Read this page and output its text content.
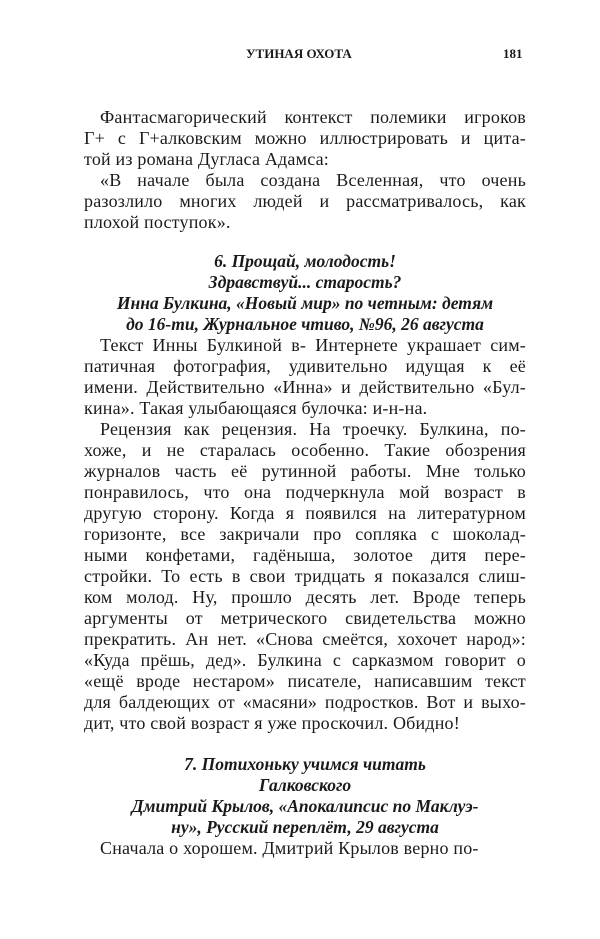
УТИНАЯ ОХОТА	181
Фантасмагорический контекст полемики игроков
Г+ с Г+алковским можно иллюстрировать и цита-
той из романа Дугласа Адамса:
«В начале была создана Вселенная, что очень
разозлило многих людей и рассматривалось, как
плохой поступок».
6. Прощай, молодость!
Здравствуй... старость?
Инна Булкина, «Новый мир» по четным: детям
до 16-ти, Журнальное чтиво, №96, 26 августа
Текст Инны Булкиной в- Интернете украшает сим-
патичная фотография, удивительно идущая к её
имени. Действительно «Инна» и действительно «Бул-
кина». Такая улыбающаяся булочка: и-н-на.
Рецензия как рецензия. На троечку. Булкина, по-
хоже, и не старалась особенно. Такие обозрения
журналов часть её рутинной работы. Мне только
понравилось, что она подчеркнула мой возраст в
другую сторону. Когда я появился на литературном
горизонте, все закричали про сопляка с шоколад-
ными конфетами, гадёныша, золотое дитя пере-
стройки. То есть в свои тридцать я показался слиш-
ком молод. Ну, прошло десять лет. Вроде теперь
аргументы от метрического свидетельства можно
прекратить. Ан нет. «Снова смеётся, хохочет народ»:
«Куда прёшь, дед». Булкина с сарказмом говорит о
«ещё вроде нестаром» писателе, написавшим текст
для балдеющих от «масяни» подростков. Вот и выхо-
дит, что свой возраст я уже проскочил. Обидно!
7. Потихоньку учимся читать
Галковского
Дмитрий Крылов, «Апокалипсис по Маклуэ-
ну», Русский переплёт, 29 августа
Сначала о хорошем. Дмитрий Крылов верно по-
